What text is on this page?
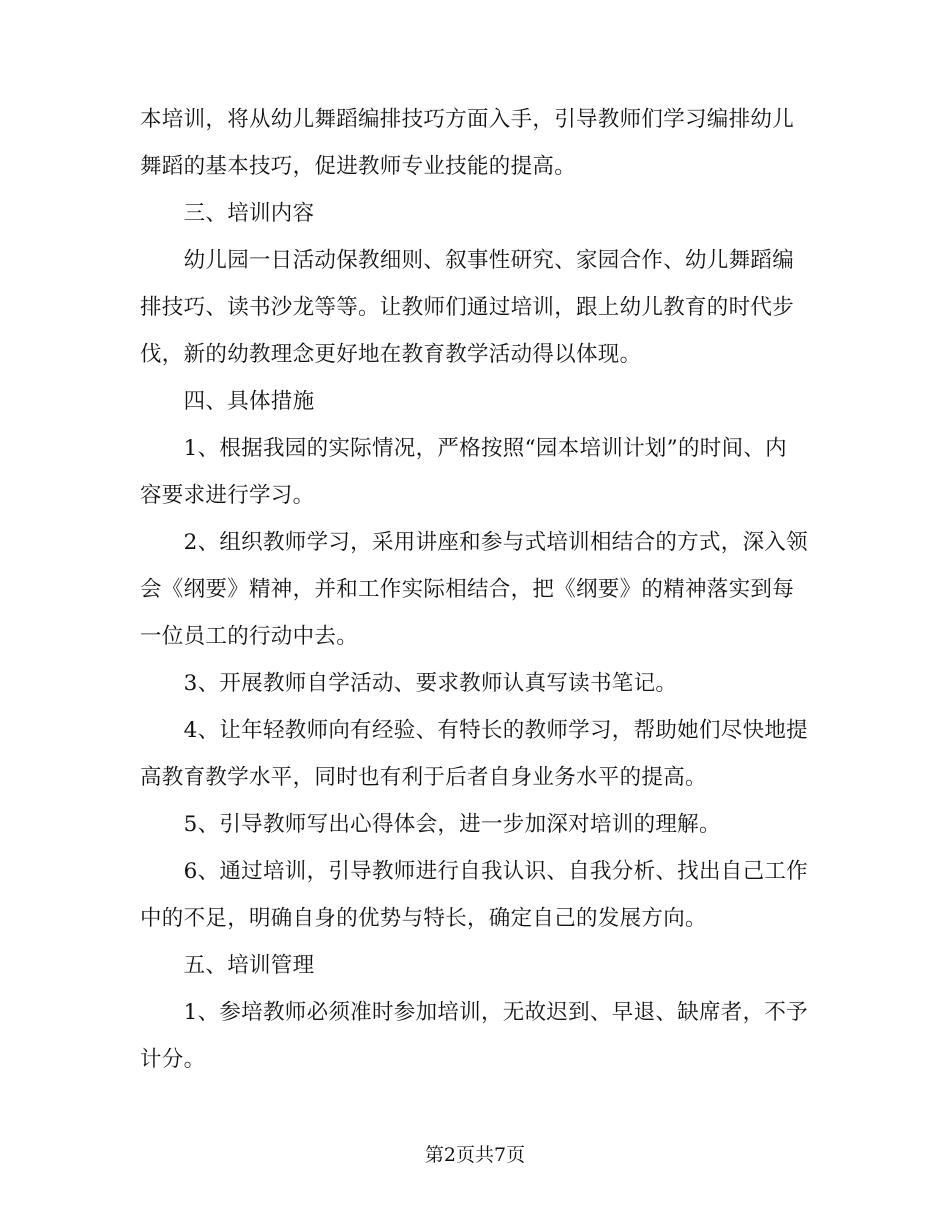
本培训，将从幼儿舞蹈编排技巧方面入手，引导教师们学习编排幼儿
舞蹈的基本技巧，促进教师专业技能的提高。
　　三、培训内容
　　幼儿园一日活动保教细则、叙事性研究、家园合作、幼儿舞蹈编
排技巧、读书沙龙等等。让教师们通过培训，跟上幼儿教育的时代步
伐，新的幼教理念更好地在教育教学活动得以体现。
　　四、具体措施
　　1、根据我园的实际情况，严格按照“园本培训计划”的时间、内
容要求进行学习。
　　2、组织教师学习，采用讲座和参与式培训相结合的方式，深入领
会《纲要》精神，并和工作实际相结合，把《纲要》的精神落实到每
一位员工的行动中去。
　　3、开展教师自学活动、要求教师认真写读书笔记。
　　4、让年轻教师向有经验、有特长的教师学习，帮助她们尽快地提
高教育教学水平，同时也有利于后者自身业务水平的提高。
　　5、引导教师写出心得体会，进一步加深对培训的理解。
　　6、通过培训，引导教师进行自我认识、自我分析、找出自己工作
中的不足，明确自身的优势与特长，确定自己的发展方向。
　　五、培训管理
　　1、参培教师必须准时参加培训，无故迟到、早退、缺席者，不予
计分。
第2页共7页
